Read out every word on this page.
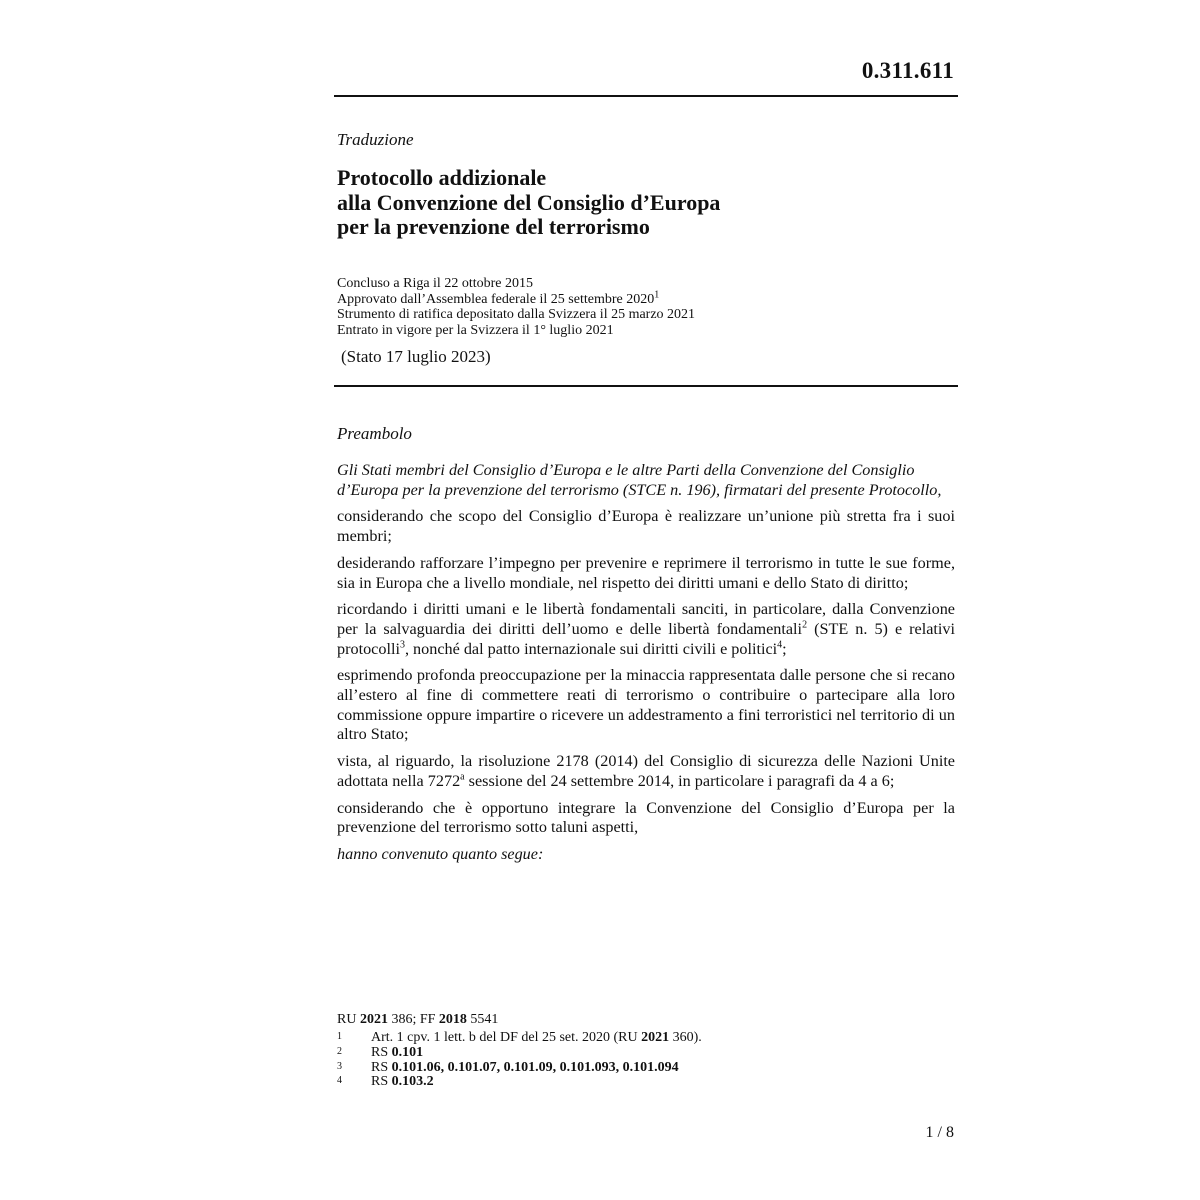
0.311.611
Traduzione
Protocollo addizionale
alla Convenzione del Consiglio d’Europa
per la prevenzione del terrorismo
Concluso a Riga il 22 ottobre 2015
Approvato dall’Assemblea federale il 25 settembre 2020$^1$
Strumento di ratifica depositato dalla Svizzera il 25 marzo 2021
Entrato in vigore per la Svizzera il 1° luglio 2021
(Stato 17 luglio 2023)
Preambolo

Gli Stati membri del Consiglio d’Europa e le altre Parti della Convenzione del Consiglio d’Europa per la prevenzione del terrorismo (STCE n. 196), firmatari del presente Protocollo,

considerando che scopo del Consiglio d’Europa è realizzare un’unione più stretta fra i suoi membri;

desiderando rafforzare l’impegno per prevenire e reprimere il terrorismo in tutte le sue forme, sia in Europa che a livello mondiale, nel rispetto dei diritti umani e dello Stato di diritto;

ricordando i diritti umani e le libertà fondamentali sanciti, in particolare, dalla Convenzione per la salvaguardia dei diritti dell’uomo e delle libertà fondamentali$^2$ (STE n. 5) e relativi protocolli$^3$, nonché dal patto internazionale sui diritti civili e politici$^4$;

esprimendo profonda preoccupazione per la minaccia rappresentata dalle persone che si recano all’estero al fine di commettere reati di terrorismo o contribuire o partecipare alla loro commissione oppure impartire o ricevere un addestramento a fini terroristici nel territorio di un altro Stato;

vista, al riguardo, la risoluzione 2178 (2014) del Consiglio di sicurezza delle Nazioni Unite adottata nella 7272$^a$ sessione del 24 settembre 2014, in particolare i paragrafi da 4 a 6;

considerando che è opportuno integrare la Convenzione del Consiglio d’Europa per la prevenzione del terrorismo sotto taluni aspetti,

hanno convenuto quanto segue:

RU 2021 386; FF 2018 5541
1	Art. 1 cpv. 1 lett. b del DF del 25 set. 2020 (RU 2021 360).
2	RS 0.101
3	RS 0.101.06, 0.101.07, 0.101.09, 0.101.093, 0.101.094
4	RS 0.103.2
1 / 8
